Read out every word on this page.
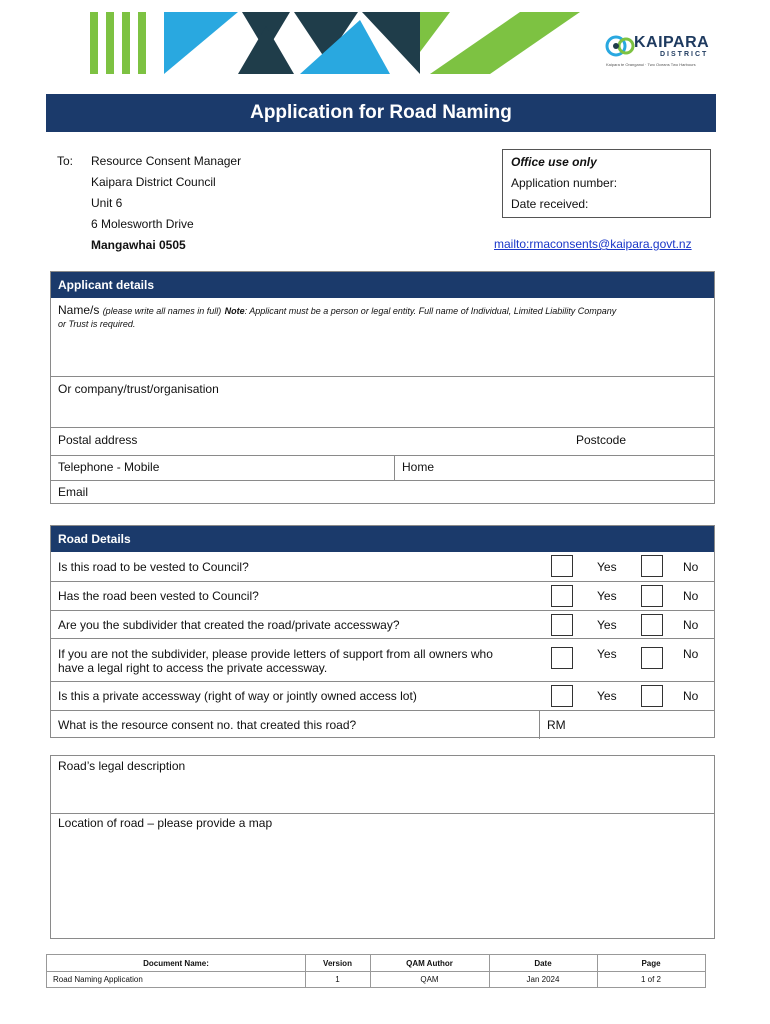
KAIPARA
DISTRICT
Kaipara te Oranganui · Two Oceans Two Harbours
Application for Road Naming
To: Resource Consent Manager
Kaipara District Council
Unit 6
6 Molesworth Drive
Mangawhai 0505
Office use only
Application number:
Date received:
mailto:rmaconsents@kaipara.govt.nz
Applicant details
Name/s (please write all names in full) Note: Applicant must be a person or legal entity. Full name of Individual, Limited Liability Company
or Trust is required.
Or company/trust/organisation
Postal address	Postcode
Telephone - Mobile	Home
Email
Road Details
Is this road to be vested to Council?	Yes	No
Has the road been vested to Council?	Yes	No
Are you the subdivider that created the road/private accessway?	Yes	No
If you are not the subdivider, please provide letters of support from all owners who
have a legal right to access the private accessway.
Yes	No
Is this a private accessway (right of way or jointly owned access lot)	Yes	No
What is the resource consent no. that created this road?	RM
Road’s legal description
Location of road – please provide a map
Document Name:	Version	QAM Author	Date	Page
Road Naming Application	1	QAM	Jan 2024	1 of 2
